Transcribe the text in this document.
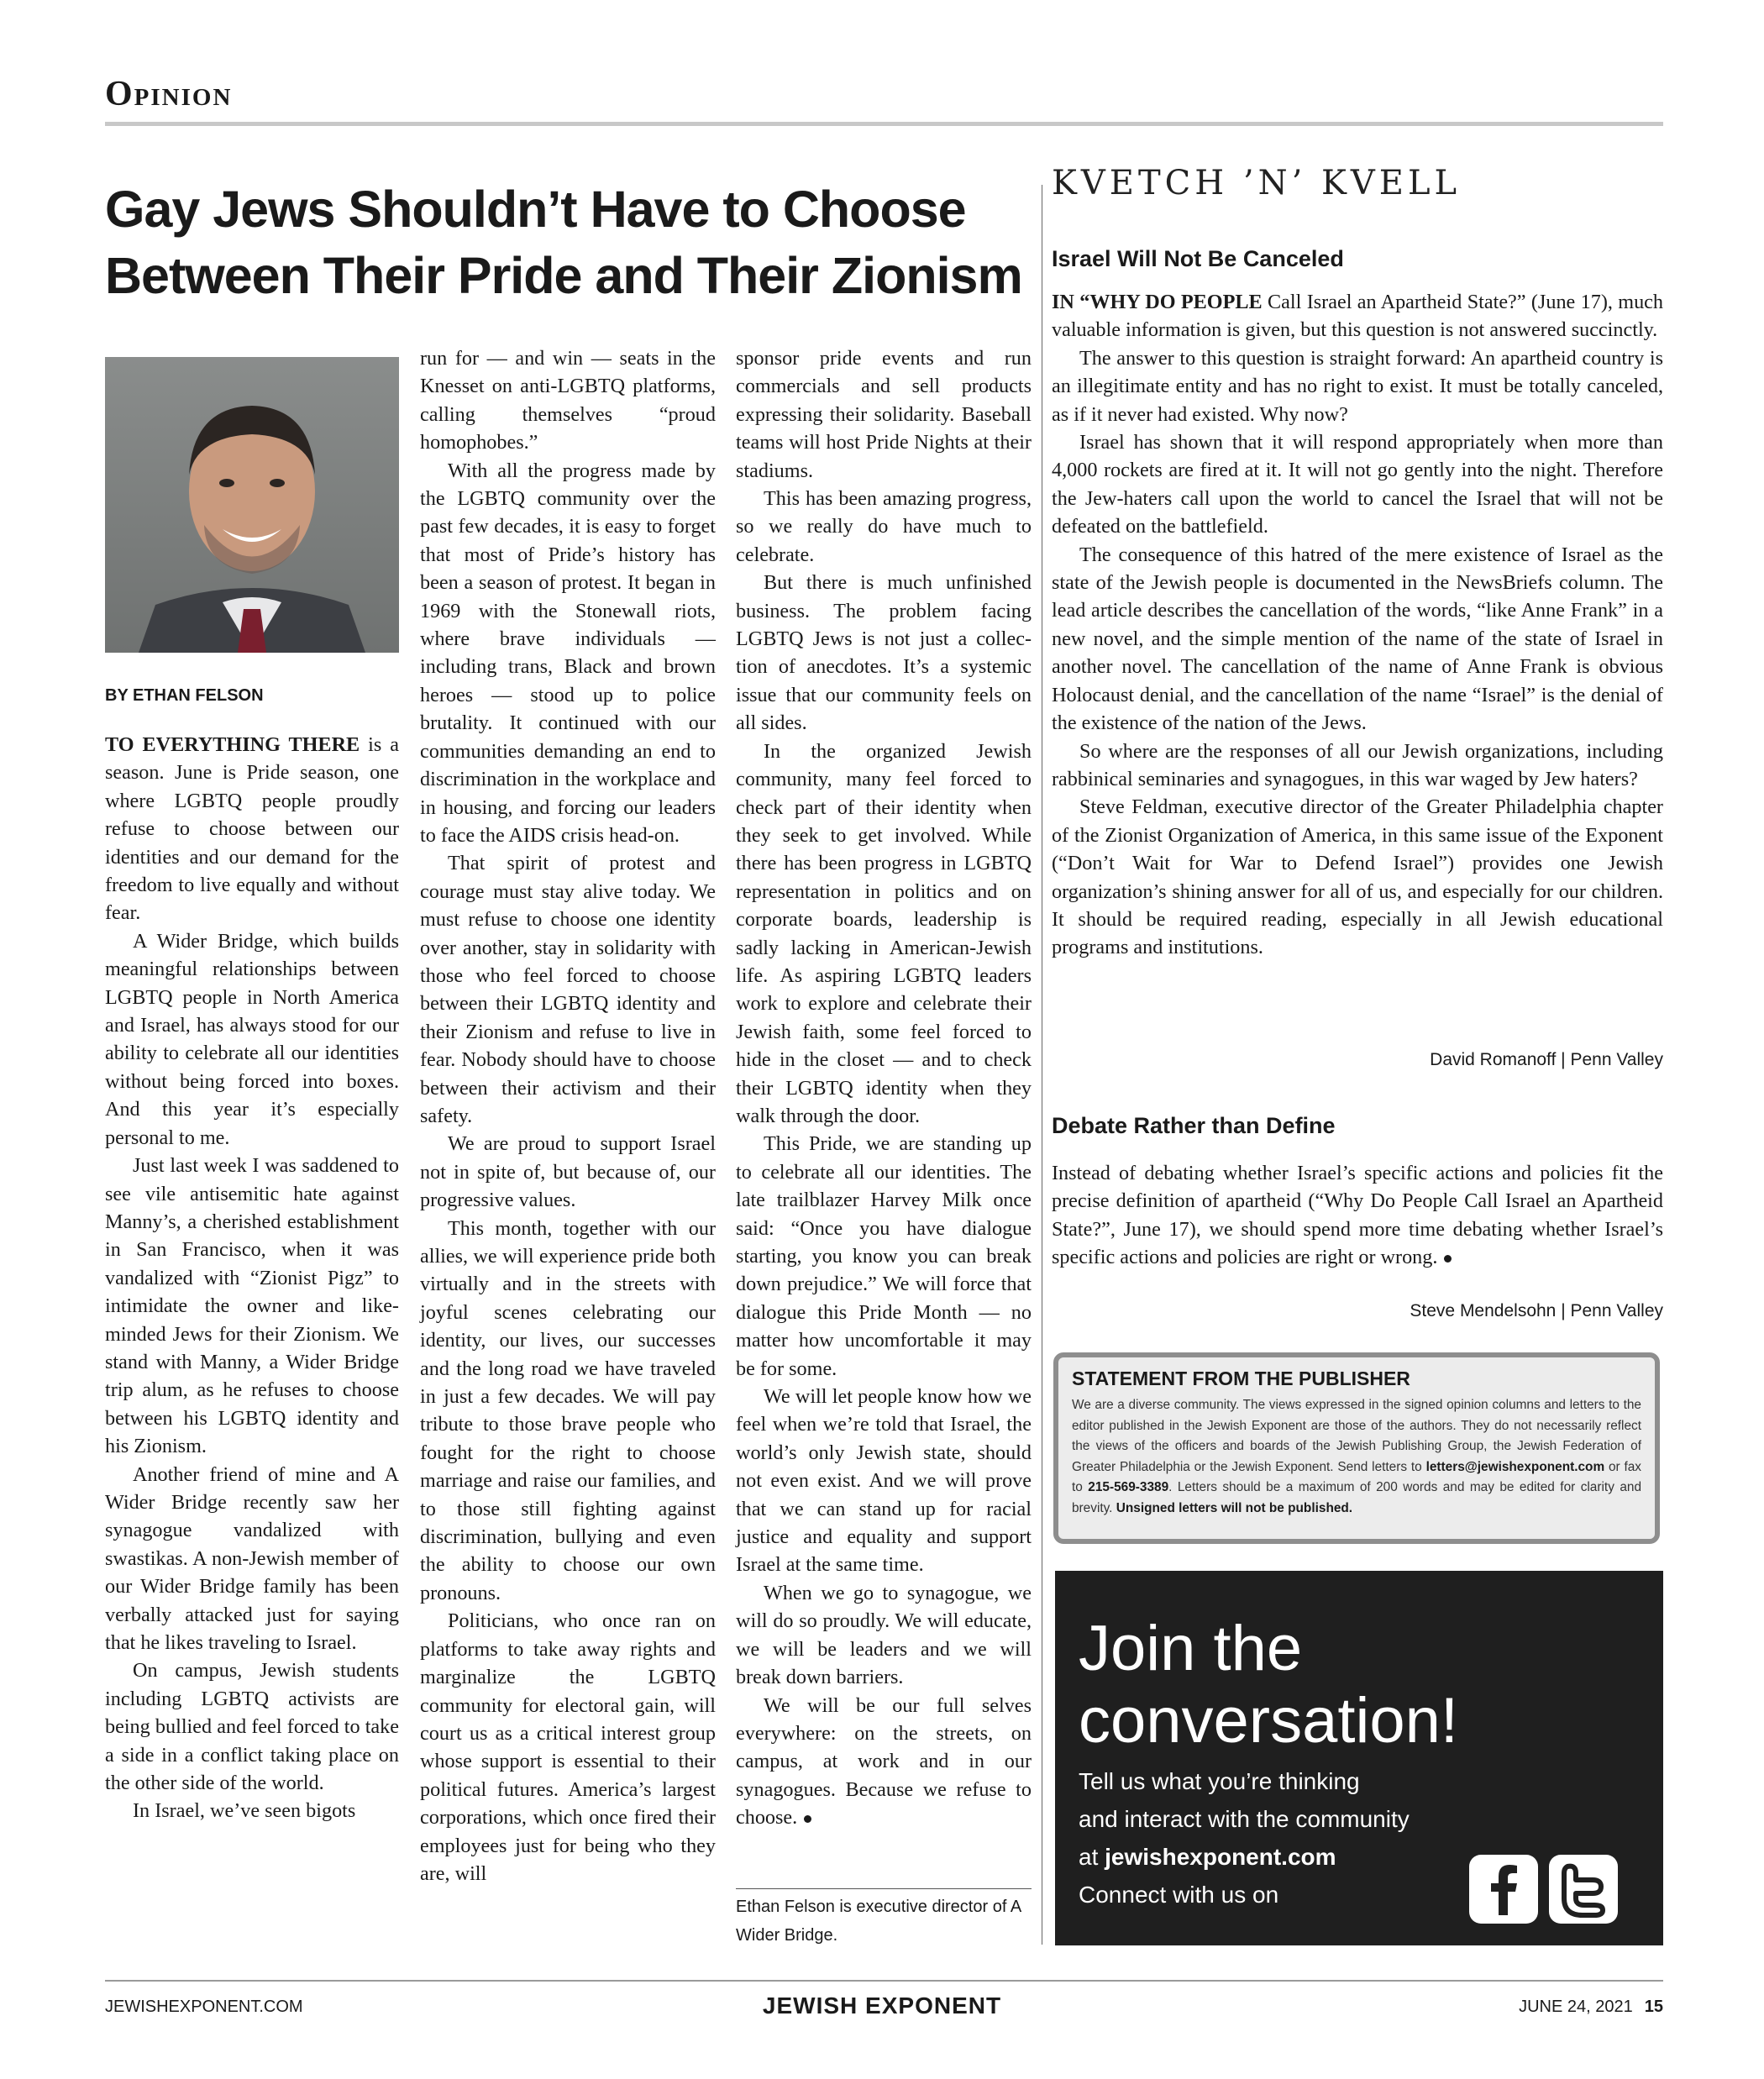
Opinion
Gay Jews Shouldn’t Have to Choose Between Their Pride and Their Zionism
BY ETHAN FELSON

TO EVERYTHING THERE is a season. June is Pride season, one where LGBTQ people proudly refuse to choose between our identities and our demand for the freedom to live equally and without fear.

A Wider Bridge, which builds meaningful relationships between LGBTQ people in North America and Israel, has always stood for our ability to celebrate all our identities without being forced into boxes. And this year it’s especially personal to me.

Just last week I was saddened to see vile antisemitic hate against Manny’s, a cherished establishment in San Francisco, when it was vandalized with “Zionist Pigz” to intimidate the owner and like-minded Jews for their Zionism. We stand with Manny, a Wider Bridge trip alum, as he refuses to choose between his LGBTQ identity and his Zionism.

Another friend of mine and A Wider Bridge recently saw her synagogue vandalized with swastikas. A non-Jewish member of our Wider Bridge family has been verbally attacked just for saying that he likes traveling to Israel.

On campus, Jewish students including LGBTQ activists are being bullied and feel forced to take a side in a conflict taking place on the other side of the world.

In Israel, we’ve seen bigots

run for — and win — seats in the Knesset on anti-LGBTQ platforms, calling themselves “proud homophobes.”

With all the progress made by the LGBTQ community over the past few decades, it is easy to forget that most of Pride’s history has been a season of protest. It began in 1969 with the Stonewall riots, where brave individuals — including trans, Black and brown heroes — stood up to police brutality. It continued with our communities demanding an end to discrimination in the workplace and in housing, and forcing our leaders to face the AIDS crisis head-on.

That spirit of protest and courage must stay alive today. We must refuse to choose one identity over another, stay in solidarity with those who feel forced to choose between their LGBTQ identity and their Zionism and refuse to live in fear. Nobody should have to choose between their activism and their safety.

We are proud to support Israel not in spite of, but because of, our progressive values.

This month, together with our allies, we will experience pride both virtually and in the streets with joyful scenes celebrating our identity, our lives, our successes and the long road we have traveled in just a few decades. We will pay tribute to those brave people who fought for the right to choose marriage and raise our families, and to those still fighting against discrimination, bullying and even the ability to choose our own pronouns.

Politicians, who once ran on platforms to take away rights and marginalize the LGBTQ community for electoral gain, will court us as a critical interest group whose support is essential to their political futures. America’s largest corporations, which once fired their employees just for being who they are, will

sponsor pride events and run commercials and sell products expressing their solidarity. Baseball teams will host Pride Nights at their stadiums.

This has been amazing progress, so we really do have much to celebrate.

But there is much unfinished business. The problem facing LGBTQ Jews is not just a collection of anecdotes. It’s a systemic issue that our community feels on all sides.

In the organized Jewish community, many feel forced to check part of their identity when they seek to get involved. While there has been progress in LGBTQ representation in politics and on corporate boards, leadership is sadly lacking in American-Jewish life. As aspiring LGBTQ leaders work to explore and celebrate their Jewish faith, some feel forced to hide in the closet — and to check their LGBTQ identity when they walk through the door.

This Pride, we are standing up to celebrate all our identities. The late trailblazer Harvey Milk once said: “Once you have dialogue starting, you know you can break down prejudice.” We will force that dialogue this Pride Month — no matter how uncomfortable it may be for some.

We will let people know how we feel when we’re told that Israel, the world’s only Jewish state, should not even exist. And we will prove that we can stand up for racial justice and equality and support Israel at the same time.

When we go to synagogue, we will do so proudly. We will educate, we will be leaders and we will break down barriers.

We will be our full selves everywhere: on the streets, on campus, at work and in our synagogues. Because we refuse to choose.

Ethan Felson is executive director of A Wider Bridge.
KVETCH ’N’ KVELL
Israel Will Not Be Canceled

IN “WHY DO PEOPLE Call Israel an Apartheid State?” (June 17), much valuable information is given, but this question is not answered succinctly.

The answer to this question is straight forward: An apartheid country is an illegitimate entity and has no right to exist. It must be totally canceled, as if it never had existed. Why now?

Israel has shown that it will respond appropriately when more than 4,000 rockets are fired at it. It will not go gently into the night. Therefore the Jew-haters call upon the world to cancel the Israel that will not be defeated on the battlefield.

The consequence of this hatred of the mere existence of Israel as the state of the Jewish people is documented in the NewsBriefs column. The lead article describes the cancellation of the words, “like Anne Frank” in a new novel, and the simple mention of the name of the state of Israel in another novel. The cancellation of the name of Anne Frank is obvious Holocaust denial, and the cancellation of the name “Israel” is the denial of the existence of the nation of the Jews.

So where are the responses of all our Jewish organizations, including rabbinical seminaries and synagogues, in this war waged by Jew haters?

Steve Feldman, executive director of the Greater Philadelphia chapter of the Zionist Organization of America, in this same issue of the Exponent (“Don’t Wait for War to Defend Israel”) provides one Jewish organization’s shining answer for all of us, and especially for our children. It should be required reading, especially in all Jewish educational programs and institutions.

David Romanoff | Penn Valley
Debate Rather than Define

Instead of debating whether Israel’s specific actions and policies fit the precise definition of apartheid (“Why Do People Call Israel an Apartheid State?”, June 17), we should spend more time debating whether Israel’s specific actions and policies are right or wrong.

Steve Mendelsohn | Penn Valley
STATEMENT FROM THE PUBLISHER
We are a diverse community. The views expressed in the signed opinion columns and letters to the editor published in the Jewish Exponent are those of the authors. They do not necessarily reflect the views of the officers and boards of the Jewish Publishing Group, the Jewish Federation of Greater Philadelphia or the Jewish Exponent. Send letters to letters@jewishexponent.com or fax to 215-569-3389. Letters should be a maximum of 200 words and may be edited for clarity and brevity. Unsigned letters will not be published.
Join the
conversation!
Tell us what you’re thinking
and interact with the community
at jewishexponent.com
Connect with us on
JEWISHEXPONENT.COM	JEWISH EXPONENT	JUNE 24, 2021 15
